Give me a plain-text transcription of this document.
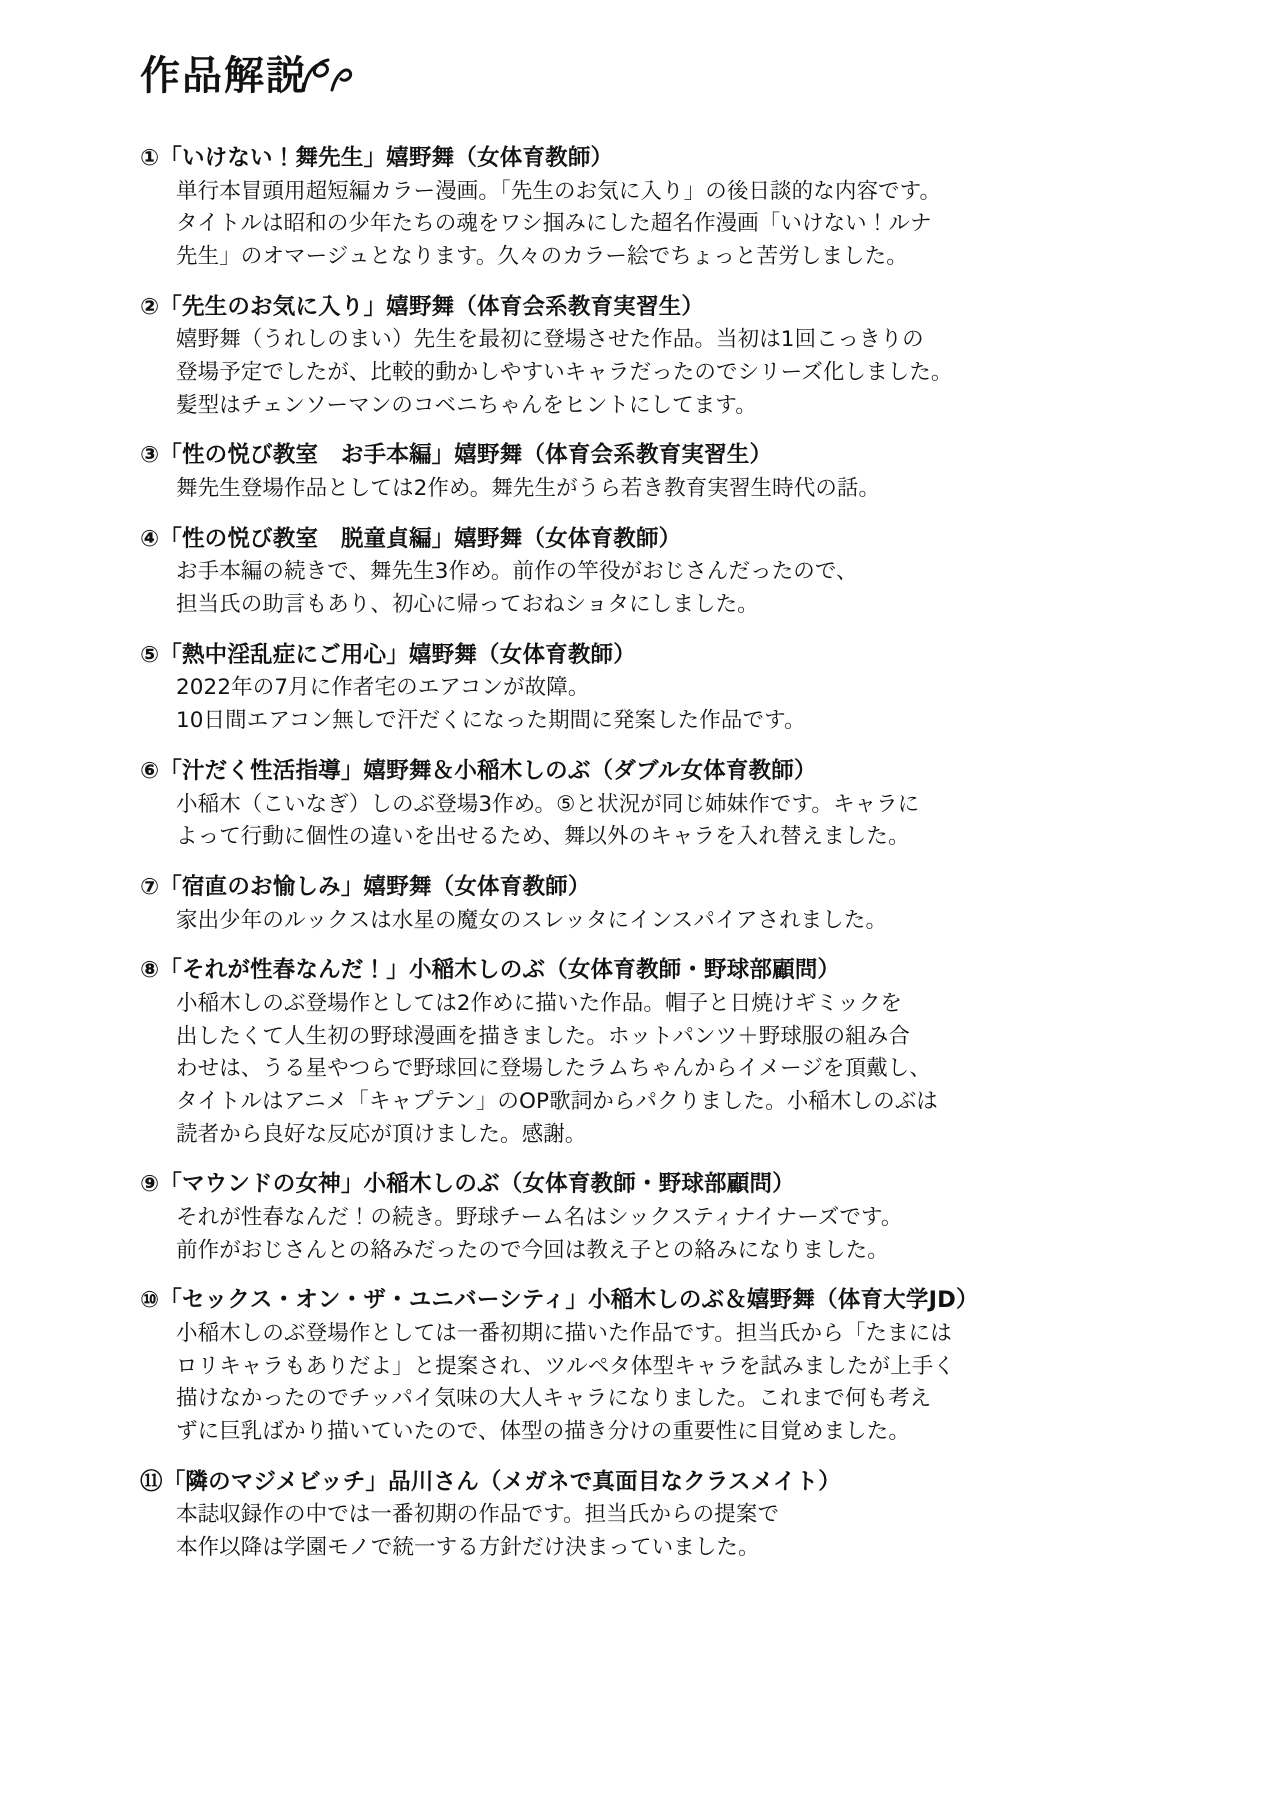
作品解説
①「いけない！舞先生」嬉野舞（女体育教師）
単行本冒頭用超短編カラー漫画。「先生のお気に入り」の後日談的な内容です。
タイトルは昭和の少年たちの魂をワシ掴みにした超名作漫画「いけない！ルナ
先生」のオマージュとなります。久々のカラー絵でちょっと苦労しました。
②「先生のお気に入り」嬉野舞（体育会系教育実習生）
嬉野舞（うれしのまい）先生を最初に登場させた作品。当初は1回こっきりの
登場予定でしたが、比較的動かしやすいキャラだったのでシリーズ化しました。
髪型はチェンソーマンのコベニちゃんをヒントにしてます。
③「性の悦び教室　お手本編」嬉野舞（体育会系教育実習生）
舞先生登場作品としては2作め。舞先生がうら若き教育実習生時代の話。
④「性の悦び教室　脱童貞編」嬉野舞（女体育教師）
お手本編の続きで、舞先生3作め。前作の竿役がおじさんだったので、
担当氏の助言もあり、初心に帰っておねショタにしました。
⑤「熱中淫乱症にご用心」嬉野舞（女体育教師）
2022年の7月に作者宅のエアコンが故障。
10日間エアコン無しで汗だくになった期間に発案した作品です。
⑥「汁だく性活指導」嬉野舞＆小稲木しのぶ（ダブル女体育教師）
小稲木（こいなぎ）しのぶ登場3作め。⑤と状況が同じ姉妹作です。キャラに
よって行動に個性の違いを出せるため、舞以外のキャラを入れ替えました。
⑦「宿直のお愉しみ」嬉野舞（女体育教師）
家出少年のルックスは水星の魔女のスレッタにインスパイアされました。
⑧「それが性春なんだ！」小稲木しのぶ（女体育教師・野球部顧問）
小稲木しのぶ登場作としては2作めに描いた作品。帽子と日焼けギミックを
出したくて人生初の野球漫画を描きました。ホットパンツ＋野球服の組み合
わせは、うる星やつらで野球回に登場したラムちゃんからイメージを頂戴し、
タイトルはアニメ「キャプテン」のOP歌詞からパクりました。小稲木しのぶは
読者から良好な反応が頂けました。感謝。
⑨「マウンドの女神」小稲木しのぶ（女体育教師・野球部顧問）
それが性春なんだ！の続き。野球チーム名はシックスティナイナーズです。
前作がおじさんとの絡みだったので今回は教え子との絡みになりました。
⑩「セックス・オン・ザ・ユニバーシティ」小稲木しのぶ＆嬉野舞（体育大学JD）
小稲木しのぶ登場作としては一番初期に描いた作品です。担当氏から「たまには
ロリキャラもありだよ」と提案され、ツルペタ体型キャラを試みましたが上手く
描けなかったのでチッパイ気味の大人キャラになりました。これまで何も考え
ずに巨乳ばかり描いていたので、体型の描き分けの重要性に目覚めました。
⑪「隣のマジメビッチ」品川さん（メガネで真面目なクラスメイト）
本誌収録作の中では一番初期の作品です。担当氏からの提案で
本作以降は学園モノで統一する方針だけ決まっていました。
